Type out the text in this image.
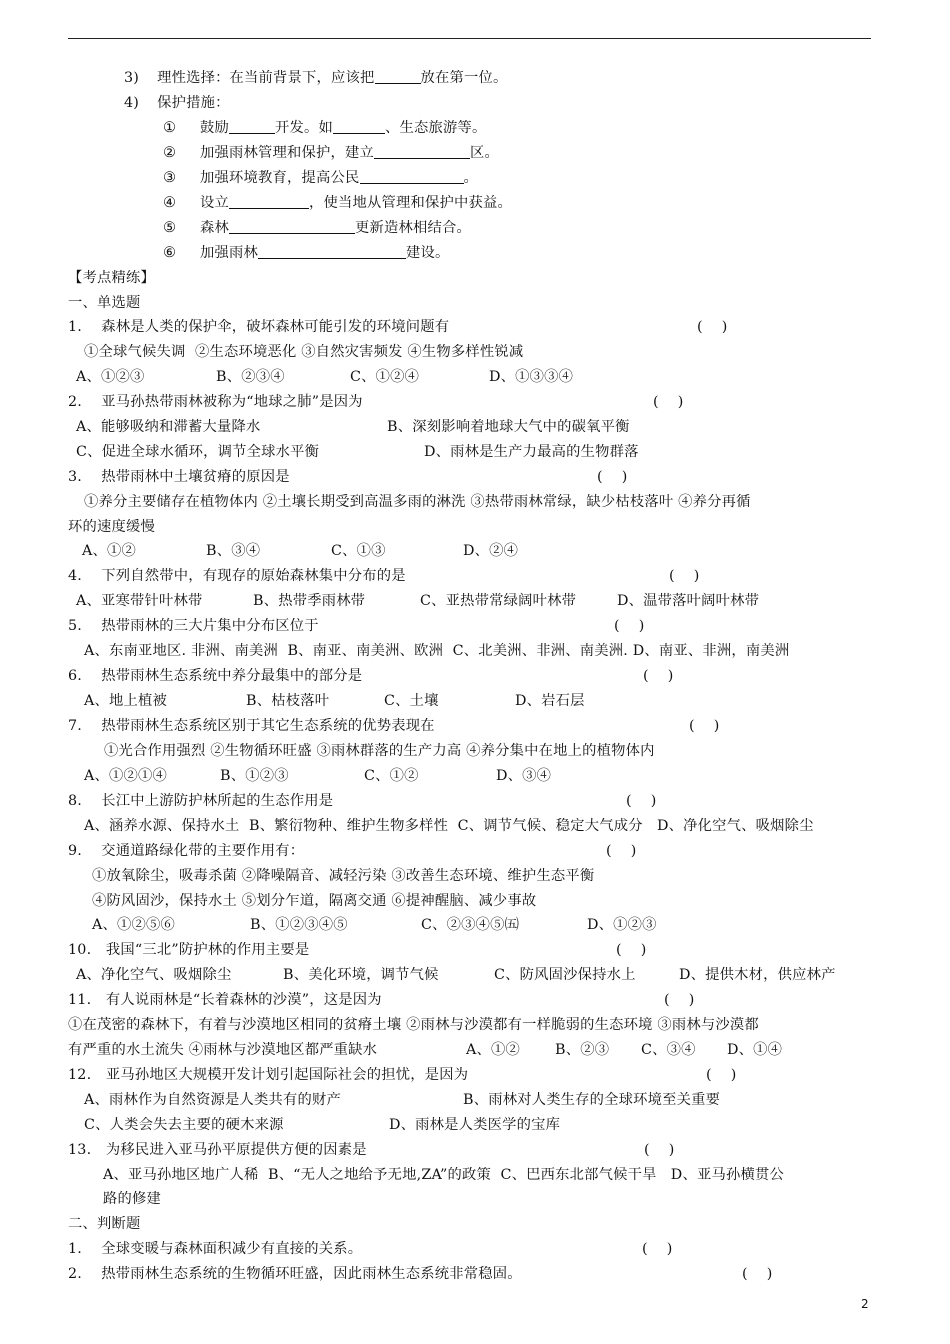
3) 理性选择：在当前背景下，应该把	放在第一位。
4) 保护措施：
① 鼓励	开发。如	、生态旅游等。
② 加强雨林管理和保护，建立	区。
③ 加强环境教育，提高公民	。
④ 设立	，使当地从管理和保护中获益。
⑤ 森林	更新造林相结合。
⑥ 加强雨林	建设。
【考点精练】
一、单选题
1.　 森林是人类的保护伞，破坏森林可能引发的环境问题有	(    )
①全球气候失调  ②生态环境恶化 ③自然灾害频发 ④生物多样性锐减
A、①②③	B、②③④	C、①②④	D、①③③④
2.　 亚马孙热带雨林被称为“地球之肺”是因为	(    )
A、能够吸纳和滞蓄大量降水	B、深刻影响着地球大气中的碳氧平衡
C、促进全球水循环，调节全球水平衡	D、雨林是生产力最高的生物群落
3.　 热带雨林中土壤贫瘠的原因是	(    )
①养分主要储存在植物体内 ②土壤长期受到高温多雨的淋洗 ③热带雨林常绿，缺少枯枝落叶 ④养分再循
环的速度缓慢
A、①②	B、③④	C、①③	D、②④
4.　 下列自然带中，有现存的原始森林集中分布的是	(    )
A、亚寒带针叶林带	B、热带季雨林带	C、亚热带常绿阔叶林带	D、温带落叶阔叶林带
5.　 热带雨林的三大片集中分布区位于	(    )
A、东南亚地区. 非洲、南美洲  B、南亚、南美洲、欧洲  C、北美洲、非洲、南美洲. D、南亚、非洲，南美洲
6.　 热带雨林生态系统中养分最集中的部分是	(    )
A、地上植被	B、枯枝落叶	C、土壤	D、岩石层
7.　 热带雨林生态系统区别于其它生态系统的优势表现在	(    )
①光合作用强烈 ②生物循环旺盛 ③雨林群落的生产力高 ④养分集中在地上的植物体内
A、①②①④	B、①②③	C、①②	D、③④
8.　 长江中上游防护林所起的生态作用是	(    )
A、涵养水源、保持水土  B、繁衍物种、维护生物多样性  C、调节气候、稳定大气成分   D、净化空气、吸烟除尘
9.　 交通道路绿化带的主要作用有：	(    )
①放氧除尘，吸毒杀菌 ②降噪隔音、减轻污染 ③改善生态环境、维护生态平衡
④防风固沙，保持水土 ⑤划分乍道，隔离交通 ⑥提神醒脑、减少事故
A、①②⑤⑥	B、①②③④⑤	C、②③④⑤㈤	D、①②③
10.　我国“三北”防护林的作用主要是	(    )
A、净化空气、吸烟除尘	B、美化环境，调节气候	C、防风固沙保持水上	D、提供木材，供应林产
11.　有人说雨林是“长着森林的沙漠”，这是因为	(    )
①在茂密的森林下，有着与沙漠地区相同的贫瘠土壤 ②雨林与沙漠都有一样脆弱的生态环境 ③雨林与沙漠都
有严重的水土流失 ④雨林与沙漠地区都严重缺水	A、①② B、②③ C、③④ D、①④
12.　亚马孙地区大规模开发计划引起国际社会的担忧，是因为	(    )
A、雨林作为自然资源是人类共有的财产	B、雨林对人类生存的全球环境至关重要
C、人类会失去主要的硬木来源	D、雨林是人类医学的宝库
13.　为移民进入亚马孙平原提供方便的因素是	(    )
A、亚马孙地区地广人稀  B、“无人之地给予无地,ZA”的政策  C、巴西东北部气候干旱   D、亚马孙横贯公
路的修建
二、判断题
1.　 全球变暖与森林面积减少有直接的关系。	(    )
2.　 热带雨林生态系统的生物循环旺盛，因此雨林生态系统非常稳固。	(    )
2
